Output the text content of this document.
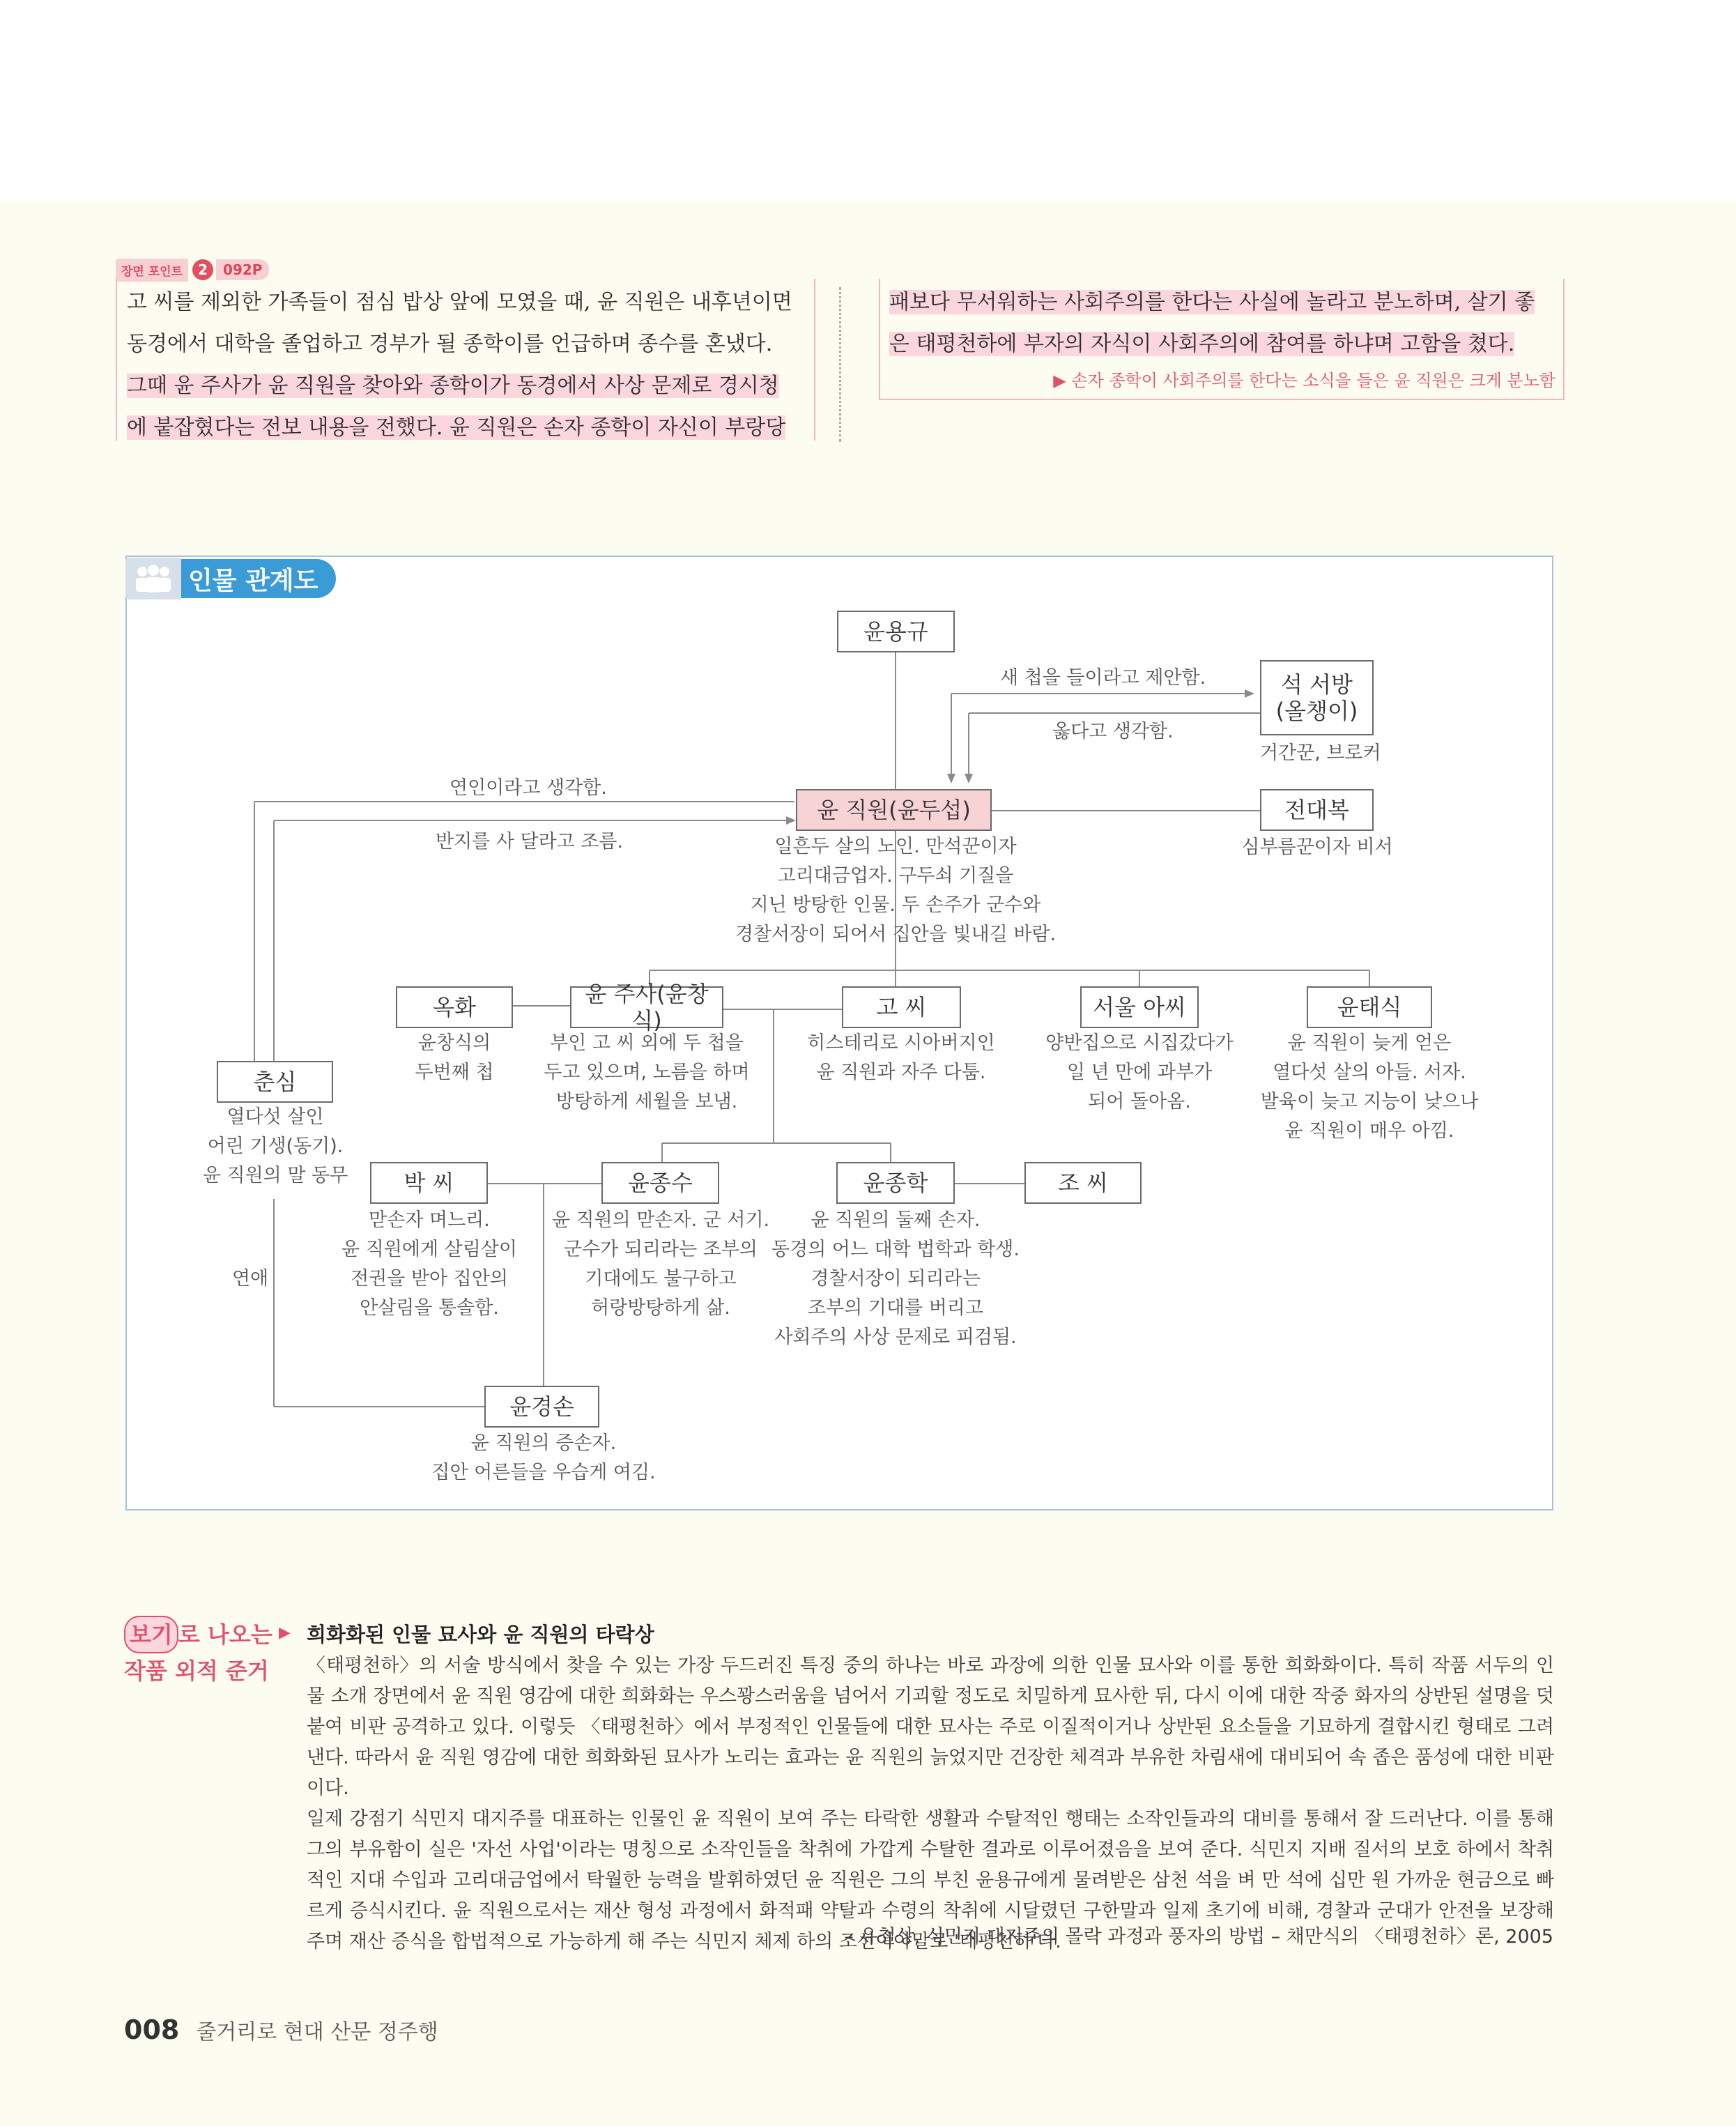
장면 포인트	2	092P
고 씨를 제외한 가족들이 점심 밥상 앞에 모였을 때, 윤 직원은 내후년이면
동경에서 대학을 졸업하고 경부가 될 종학이를 언급하며 종수를 혼냈다.
그때 윤 주사가 윤 직원을 찾아와 종학이가 동경에서 사상 문제로 경시청
에 붙잡혔다는 전보 내용을 전했다. 윤 직원은 손자 종학이 자신이 부랑당
패보다 무서워하는 사회주의를 한다는 사실에 놀라고 분노하며, 살기 좋
은 태평천하에 부자의 자식이 사회주의에 참여를 하냐며 고함을 쳤다.
▶ 손자 종학이 사회주의를 한다는 소식을 들은 윤 직원은 크게 분노함
인물 관계도
새 첩을 들이라고 제안함.
옳다고 생각함.
연인이라고 생각함.
반지를 사 달라고 조름.
연애
윤용규
석 서방
(올챙이)
거간꾼, 브로커
전대복
심부름꾼이자 비서
윤 직원(윤두섭)
일흔두 살의 노인. 만석꾼이자
고리대금업자. 구두쇠 기질을
지닌 방탕한 인물. 두 손주가 군수와
경찰서장이 되어서 집안을 빛내길 바람.
춘심
열다섯 살인
어린 기생(동기).
윤 직원의 말 동무
옥화
윤창식의
두번째 첩
윤 주사(윤창식)
부인 고 씨 외에 두 첩을
두고 있으며, 노름을 하며
방탕하게 세월을 보냄.
고 씨
히스테리로 시아버지인
윤 직원과 자주 다툼.
서울 아씨
양반집으로 시집갔다가
일 년 만에 과부가
되어 돌아옴.
윤태식
윤 직원이 늦게 얻은
열다섯 살의 아들. 서자.
발육이 늦고 지능이 낮으나
윤 직원이 매우 아낌.
박 씨
맏손자 며느리.
윤 직원에게 살림살이
전권을 받아 집안의
안살림을 통솔함.
윤종수
윤 직원의 맏손자. 군 서기.
군수가 되리라는 조부의
기대에도 불구하고
허랑방탕하게 삶.
윤종학
윤 직원의 둘째 손자.
동경의 어느 대학 법학과 학생.
경찰서장이 되리라는
조부의 기대를 버리고
사회주의 사상 문제로 피검됨.
조 씨
윤경손
윤 직원의 증손자.
집안 어른들을 우습게 여김.
보기 로 나오는
작품 외적 준거
▶ 희화화된 인물 묘사와 윤 직원의 타락상

〈태평천하〉의 서술 방식에서 찾을 수 있는 가장 두드러진 특징 중의 하나는 바로 과장에 의한 인물 묘사와 이를 통한 희화화이다. 특히 작품 서두의 인물 소개 장면에서 윤 직원 영감에 대한 희화화는 우스꽝스러움을 넘어서 기괴할 정도로 치밀하게 묘사한 뒤, 다시 이에 대한 작중 화자의 상반된 설명을 덧붙여 비판 공격하고 있다. 이렇듯 〈태평천하〉에서 부정적인 인물들에 대한 묘사는 주로 이질적이거나 상반된 요소들을 기묘하게 결합시킨 형태로 그려낸다. 따라서 윤 직원 영감에 대한 희화화된 묘사가 노리는 효과는 윤 직원의 늙었지만 건장한 체격과 부유한 차림새에 대비되어 속 좁은 품성에 대한 비판이다.

일제 강점기 식민지 대지주를 대표하는 인물인 윤 직원이 보여 주는 타락한 생활과 수탈적인 행태는 소작인들과의 대비를 통해서 잘 드러난다. 이를 통해 그의 부유함이 실은 '자선 사업'이라는 명칭으로 소작인들을 착취에 가깝게 수탈한 결과로 이루어졌음을 보여 준다. 식민지 지배 질서의 보호 하에서 착취적인 지대 수입과 고리대금업에서 탁월한 능력을 발휘하였던 윤 직원은 그의 부친 윤용규에게 물려받은 삼천 석을 벼 만 석에 십만 원 가까운 현금으로 빠르게 증식시킨다. 윤 직원으로서는 재산 형성 과정에서 화적패 약탈과 수령의 착취에 시달렸던 구한말과 일제 초기에 비해, 경찰과 군대가 안전을 보장해 주며 재산 증식을 합법적으로 가능하게 해 주는 식민지 체제 하의 조선이야말로 '태평천하'다.

– 유철상, 식민지 대지주의 몰락 과정과 풍자의 방법 – 채만식의 〈태평천하〉론, 2005
008 줄거리로 현대 산문 정주행
